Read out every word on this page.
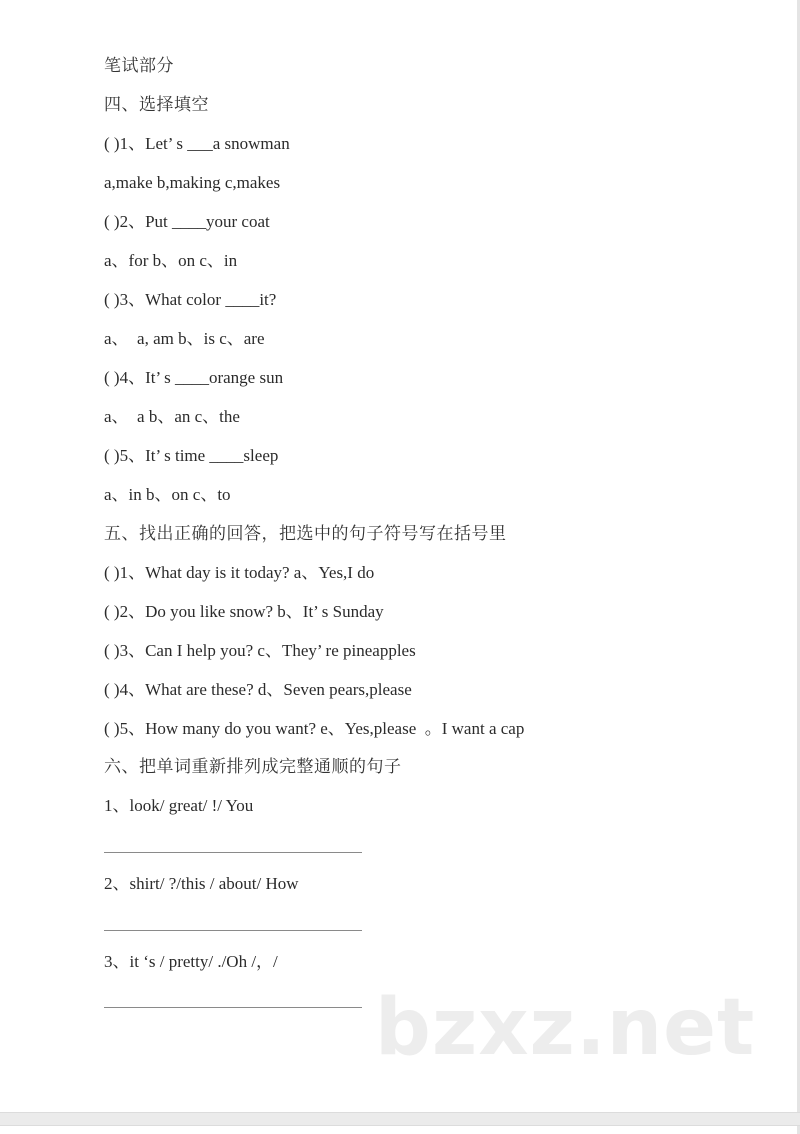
笔试部分
四、选择填空
( )1、Let’ s ___a snowman
a,make b,making c,makes
( )2、Put ____your coat
a、for b、on c、in
( )3、What color ____it?
a、  a, am b、is c、are
( )4、It’ s ____orange sun
a、  a b、an c、the
( )5、It’ s time ____sleep
a、in b、on c、to
五、找出正确的回答，把选中的句子符号写在括号里
( )1、What day is it today? a、Yes,I do
( )2、Do you like snow? b、It’ s Sunday
( )3、Can I help you? c、They’ re pineapples
( )4、What are these? d、Seven pears,please
( )5、How many do you want? e、Yes,please  。I want a cap
六、把单词重新排列成完整通顺的句子
1、look/ great/ !/ You
2、shirt/ ?/this / about/ How
3、it ‘s / pretty/ ./Oh /，/
bzxz.net
